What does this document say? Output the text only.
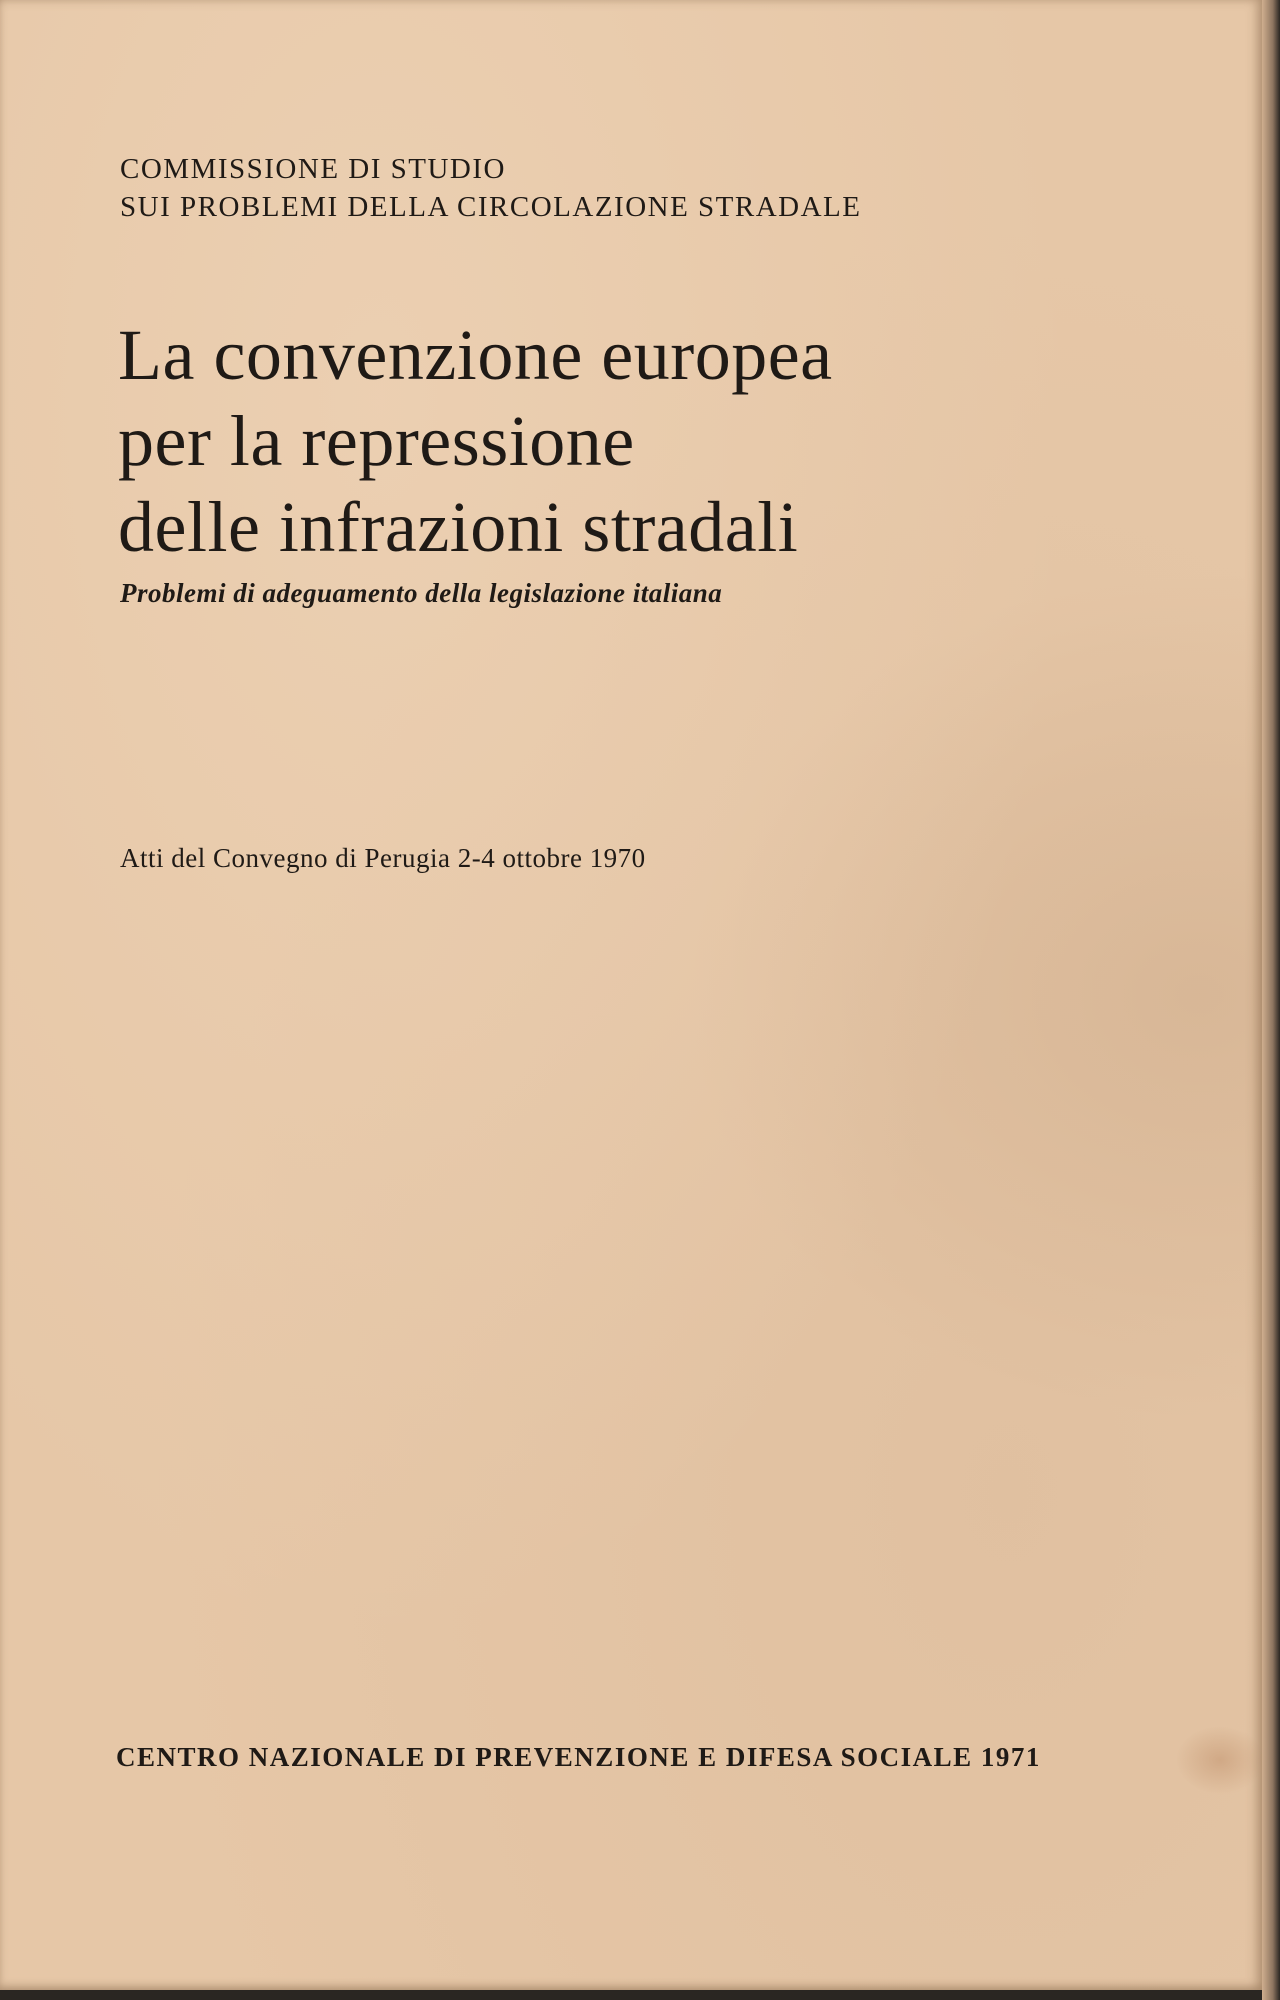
COMMISSIONE DI STUDIO
SUI PROBLEMI DELLA CIRCOLAZIONE STRADALE
La convenzione europea
per la repressione
delle infrazioni stradali
Problemi di adeguamento della legislazione italiana
Atti del Convegno di Perugia 2-4 ottobre 1970
CENTRO NAZIONALE DI PREVENZIONE E DIFESA SOCIALE 1971
